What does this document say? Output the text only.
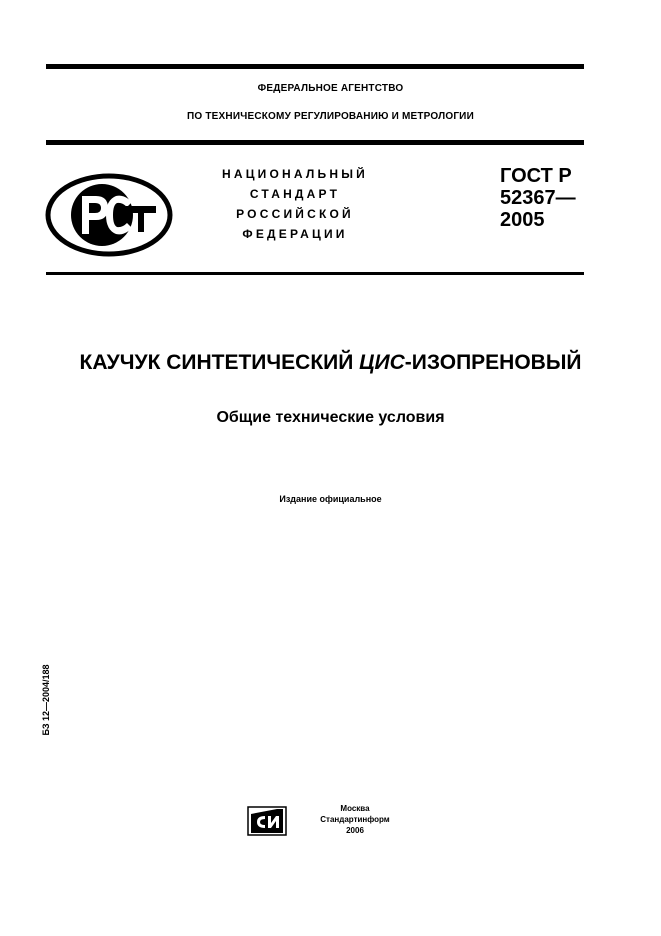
ФЕДЕРАЛЬНОЕ АГЕНТСТВО
ПО ТЕХНИЧЕСКОМУ РЕГУЛИРОВАНИЮ И МЕТРОЛОГИИ
НАЦИОНАЛЬНЫЙ
СТАНДАРТ
РОССИЙСКОЙ
ФЕДЕРАЦИИ
ГОСТ Р
52367—
2005
КАУЧУК СИНТЕТИЧЕСКИЙ ЦИС-ИЗОПРЕНОВЫЙ
Общие технические условия
Издание официальное
БЗ 12—2004/188
Москва
Стандартинформ
2006
